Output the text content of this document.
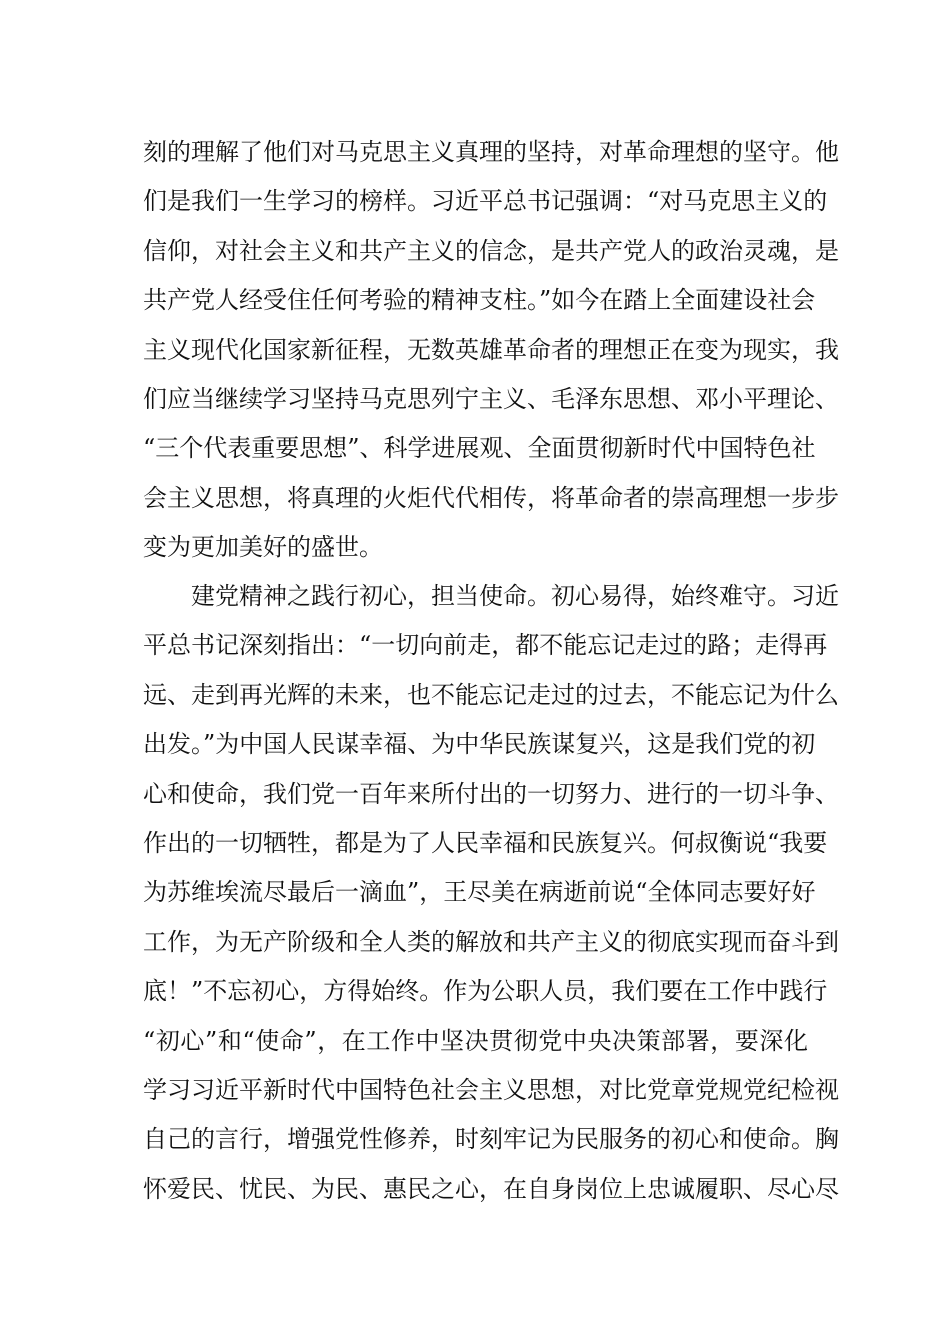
刻的理解了他们对马克思主义真理的坚持，对革命理想的坚守。他
们是我们一生学习的榜样。习近平总书记强调：“对马克思主义的
信仰，对社会主义和共产主义的信念，是共产党人的政治灵魂，是
共产党人经受住任何考验的精神支柱。”如今在踏上全面建设社会
主义现代化国家新征程，无数英雄革命者的理想正在变为现实，我
们应当继续学习坚持马克思列宁主义、毛泽东思想、邓小平理论、
“三个代表重要思想”、科学进展观、全面贯彻新时代中国特色社
会主义思想，将真理的火炬代代相传，将革命者的崇高理想一步步
变为更加美好的盛世。
建党精神之践行初心，担当使命。初心易得，始终难守。习近
平总书记深刻指出：“一切向前走，都不能忘记走过的路；走得再
远、走到再光辉的未来，也不能忘记走过的过去，不能忘记为什么
出发。”为中国人民谋幸福、为中华民族谋复兴，这是我们党的初
心和使命，我们党一百年来所付出的一切努力、进行的一切斗争、
作出的一切牺牲，都是为了人民幸福和民族复兴。何叔衡说“我要
为苏维埃流尽最后一滴血”，王尽美在病逝前说“全体同志要好好
工作，为无产阶级和全人类的解放和共产主义的彻底实现而奋斗到
底！”不忘初心，方得始终。作为公职人员，我们要在工作中践行
“初心”和“使命”，在工作中坚决贯彻党中央决策部署，要深化
学习习近平新时代中国特色社会主义思想，对比党章党规党纪检视
自己的言行，增强党性修养，时刻牢记为民服务的初心和使命。胸
怀爱民、忧民、为民、惠民之心，在自身岗位上忠诚履职、尽心尽
